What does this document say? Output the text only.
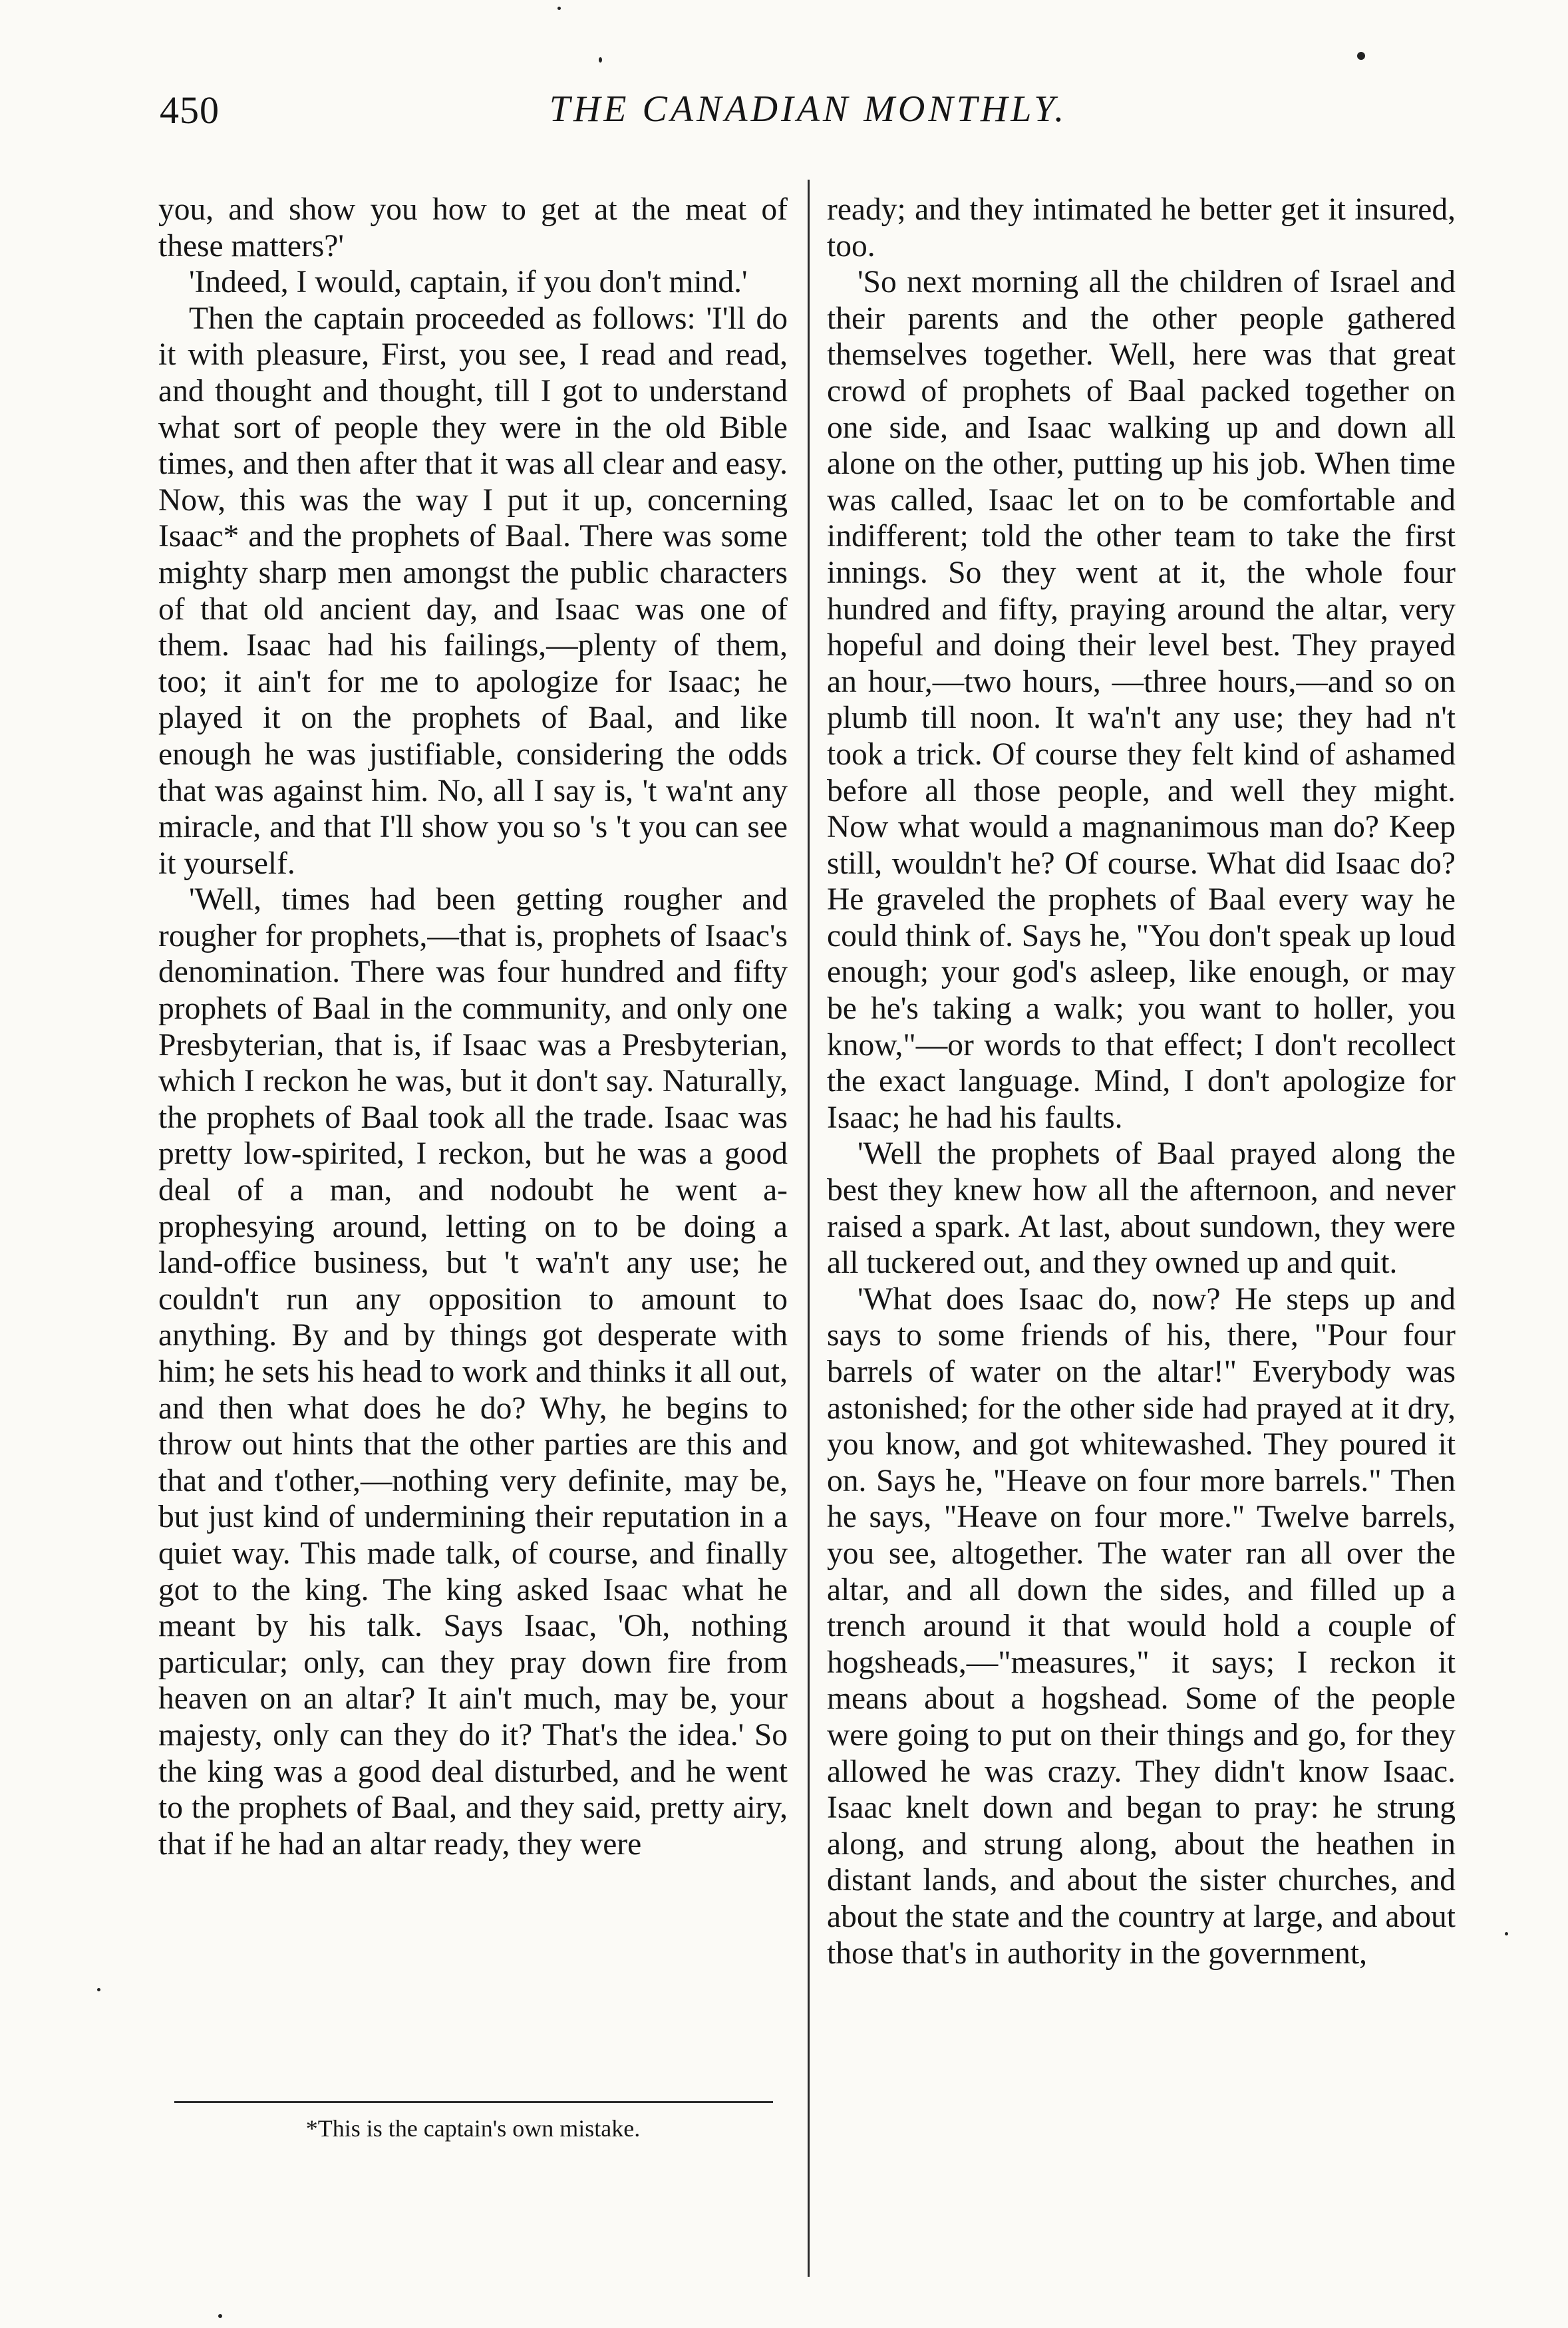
450	THE CANADIAN MONTHLY.

you, and show you how to get at the meat of these matters?'

'Indeed, I would, captain, if you don't mind.'

Then the captain proceeded as follows: 'I'll do it with pleasure, First, you see, I read and read, and thought and thought, till I got to understand what sort of people they were in the old Bible times, and then after that it was all clear and easy. Now, this was the way I put it up, concerning Isaac* and the prophets of Baal. There was some mighty sharp men amongst the public characters of that old ancient day, and Isaac was one of them. Isaac had his failings,—plenty of them, too; it ain't for me to apologize for Isaac; he played it on the prophets of Baal, and like enough he was justifiable, considering the odds that was against him. No, all I say is, 't wa'nt any miracle, and that I'll show you so 's 't you can see it yourself.

'Well, times had been getting rougher and rougher for prophets,—that is, prophets of Isaac's denomination. There was four hundred and fifty prophets of Baal in the community, and only one Presbyterian, that is, if Isaac was a Presbyterian, which I reckon he was, but it don't say. Naturally, the prophets of Baal took all the trade. Isaac was pretty low-spirited, I reckon, but he was a good deal of a man, and nodoubt he went a-prophesying around, letting on to be doing a land-office business, but 't wa'n't any use; he couldn't run any opposition to amount to anything. By and by things got desperate with him; he sets his head to work and thinks it all out, and then what does he do? Why, he begins to throw out hints that the other parties are this and that and t'other,—nothing very definite, may be, but just kind of undermining their reputation in a quiet way. This made talk, of course, and finally got to the king. The king asked Isaac what he meant by his talk. Says Isaac, 'Oh, nothing particular; only, can they pray down fire from heaven on an altar? It ain't much, may be, your majesty, only can they do it? That's the idea.' So the king was a good deal disturbed, and he went to the prophets of Baal, and they said, pretty airy, that if he had an altar ready, they were

ready; and they intimated he better get it insured, too.

'So next morning all the children of Israel and their parents and the other people gathered themselves together. Well, here was that great crowd of prophets of Baal packed together on one side, and Isaac walking up and down all alone on the other, putting up his job. When time was called, Isaac let on to be comfortable and indifferent; told the other team to take the first innings. So they went at it, the whole four hundred and fifty, praying around the altar, very hopeful and doing their level best. They prayed an hour,—two hours, —three hours,—and so on plumb till noon. It wa'n't any use; they had n't took a trick. Of course they felt kind of ashamed before all those people, and well they might. Now what would a magnanimous man do? Keep still, wouldn't he? Of course. What did Isaac do? He graveled the prophets of Baal every way he could think of. Says he, "You don't speak up loud enough; your god's asleep, like enough, or may be he's taking a walk; you want to holler, you know,"—or words to that effect; I don't recollect the exact language. Mind, I don't apologize for Isaac; he had his faults.

'Well the prophets of Baal prayed along the best they knew how all the afternoon, and never raised a spark. At last, about sundown, they were all tuckered out, and they owned up and quit.

'What does Isaac do, now? He steps up and says to some friends of his, there, "Pour four barrels of water on the altar!" Everybody was astonished; for the other side had prayed at it dry, you know, and got whitewashed. They poured it on. Says he, "Heave on four more barrels." Then he says, "Heave on four more." Twelve barrels, you see, altogether. The water ran all over the altar, and all down the sides, and filled up a trench around it that would hold a couple of hogsheads,—"measures," it says; I reckon it means about a hogshead. Some of the people were going to put on their things and go, for they allowed he was crazy. They didn't know Isaac. Isaac knelt down and began to pray: he strung along, and strung along, about the heathen in distant lands, and about the sister churches, and about the state and the country at large, and about those that's in authority in the government,

*This is the captain's own mistake.
